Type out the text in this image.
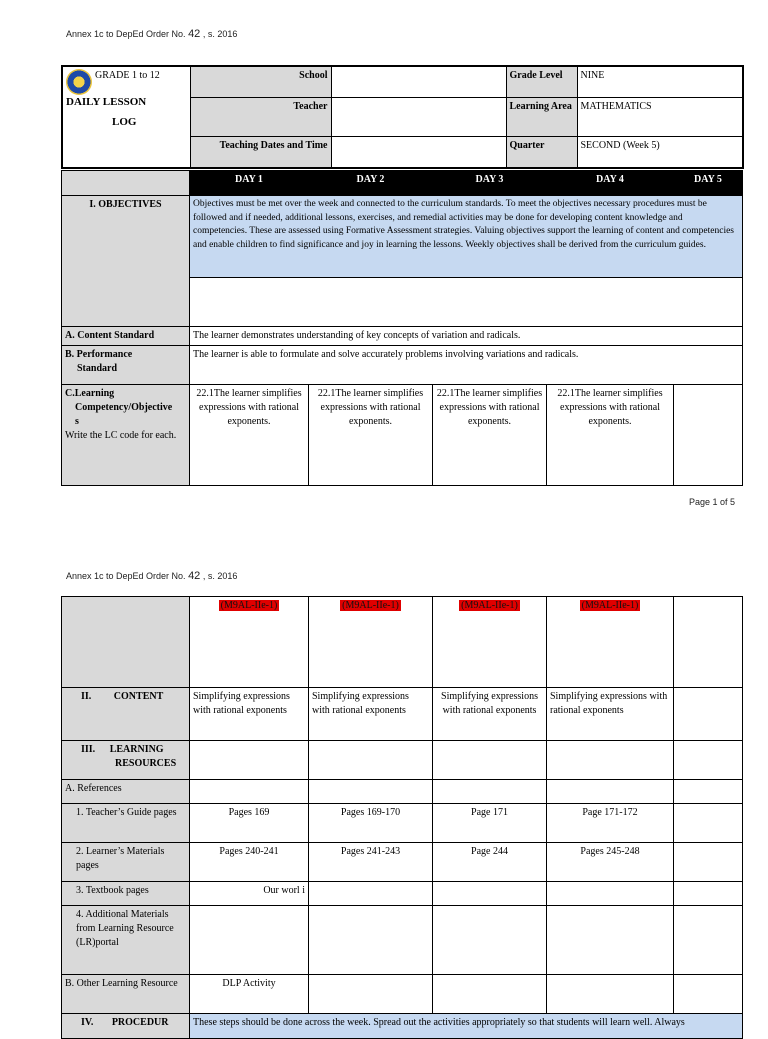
Annex 1c to DepEd Order No. 42 , s. 2016
GRADE 1 to 12
DAILY LESSON
LOG	School		Grade Level	NINE
	Teacher		Learning Area	MATHEMATICS
	Teaching Dates and Time		Quarter	SECOND (Week 5)
	DAY 1	DAY 2	DAY 3	DAY 4	DAY 5
I. OBJECTIVES	Objectives must be met over the week and connected to the curriculum standards. To meet the objectives necessary procedures must be followed and if needed, additional lessons, exercises, and remedial activities may be done for developing content knowledge and competencies. These are assessed using Formative Assessment strategies. Valuing objectives support the learning of content and competencies and enable children to find significance and joy in learning the lessons. Weekly objectives shall be derived from the curriculum guides.				

A. Content Standard	The learner demonstrates understanding of key concepts of variation and radicals.				
B. Performance
Standard	The learner is able to formulate and solve accurately problems involving variations and radicals.				
C.Learning
Competency/Objective
s
Write the LC code for each.	22.1The learner simplifies expressions with rational exponents.	22.1The learner simplifies expressions with rational exponents.	22.1The learner simplifies expressions with rational exponents.	22.1The learner simplifies expressions with rational exponents.	
Page 1 of 5
Annex 1c to DepEd Order No. 42 , s. 2016
	(M9AL-IIe-1)	(M9AL-IIe-1)	(M9AL-IIe-1)	(M9AL-IIe-1)	
II. CONTENT	Simplifying expressions with rational exponents	Simplifying expressions with rational exponents	Simplifying expressions with rational exponents	Simplifying expressions with rational exponents	
III. LEARNING
RESOURCES					
A. References					
1. Teacher’s Guide pages	Pages 169	Pages 169-170	Page 171	Page 171-172	
2. Learner’s Materials pages	Pages 240-241	Pages 241-243	Page 244	Pages 245-248	
3. Textbook pages	Our worl i				
4. Additional Materials from Learning Resource (LR)portal					
B. Other Learning Resource	DLP Activity				
IV. PROCEDUR	These steps should be done across the week. Spread out the activities appropriately so that students will learn well. Always				
